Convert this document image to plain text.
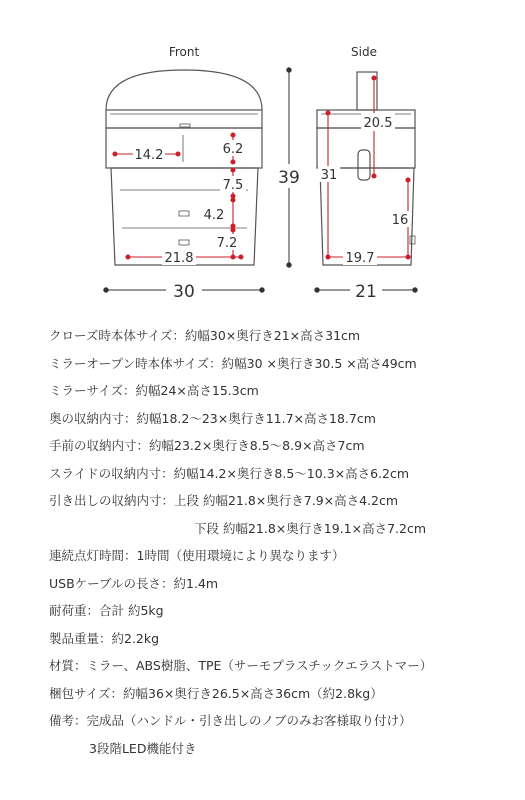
Front	Side
14.2	6.2
7.5
4.2
7.2
21.8
30
39
20.5
31
16
19.7
21
クローズ時本体サイズ：約幅30×奥行き21×高さ31cm
ミラーオープン時本体サイズ：約幅30 ×奥行き30.5 ×高さ49cm
ミラーサイズ：約幅24×高さ15.3cm
奥の収納内寸：約幅18.2～23×奥行き11.7×高さ18.7cm
手前の収納内寸：約幅23.2×奥行き8.5～8.9×高さ7cm
スライドの収納内寸：約幅14.2×奥行き8.5～10.3×高さ6.2cm
引き出しの収納内寸：上段 約幅21.8×奥行き7.9×高さ4.2cm
下段 約幅21.8×奥行き19.1×高さ7.2cm
連続点灯時間：1時間（使用環境により異なります）
USBケーブルの長さ：約1.4m
耐荷重：合計 約5kg
製品重量：約2.2kg
材質：ミラー、ABS樹脂、TPE（サーモプラスチックエラストマー）
梱包サイズ：約幅36×奥行き26.5×高さ36cm（約2.8kg）
備考：完成品（ハンドル・引き出しのノブのみお客様取り付け）
3段階LED機能付き
